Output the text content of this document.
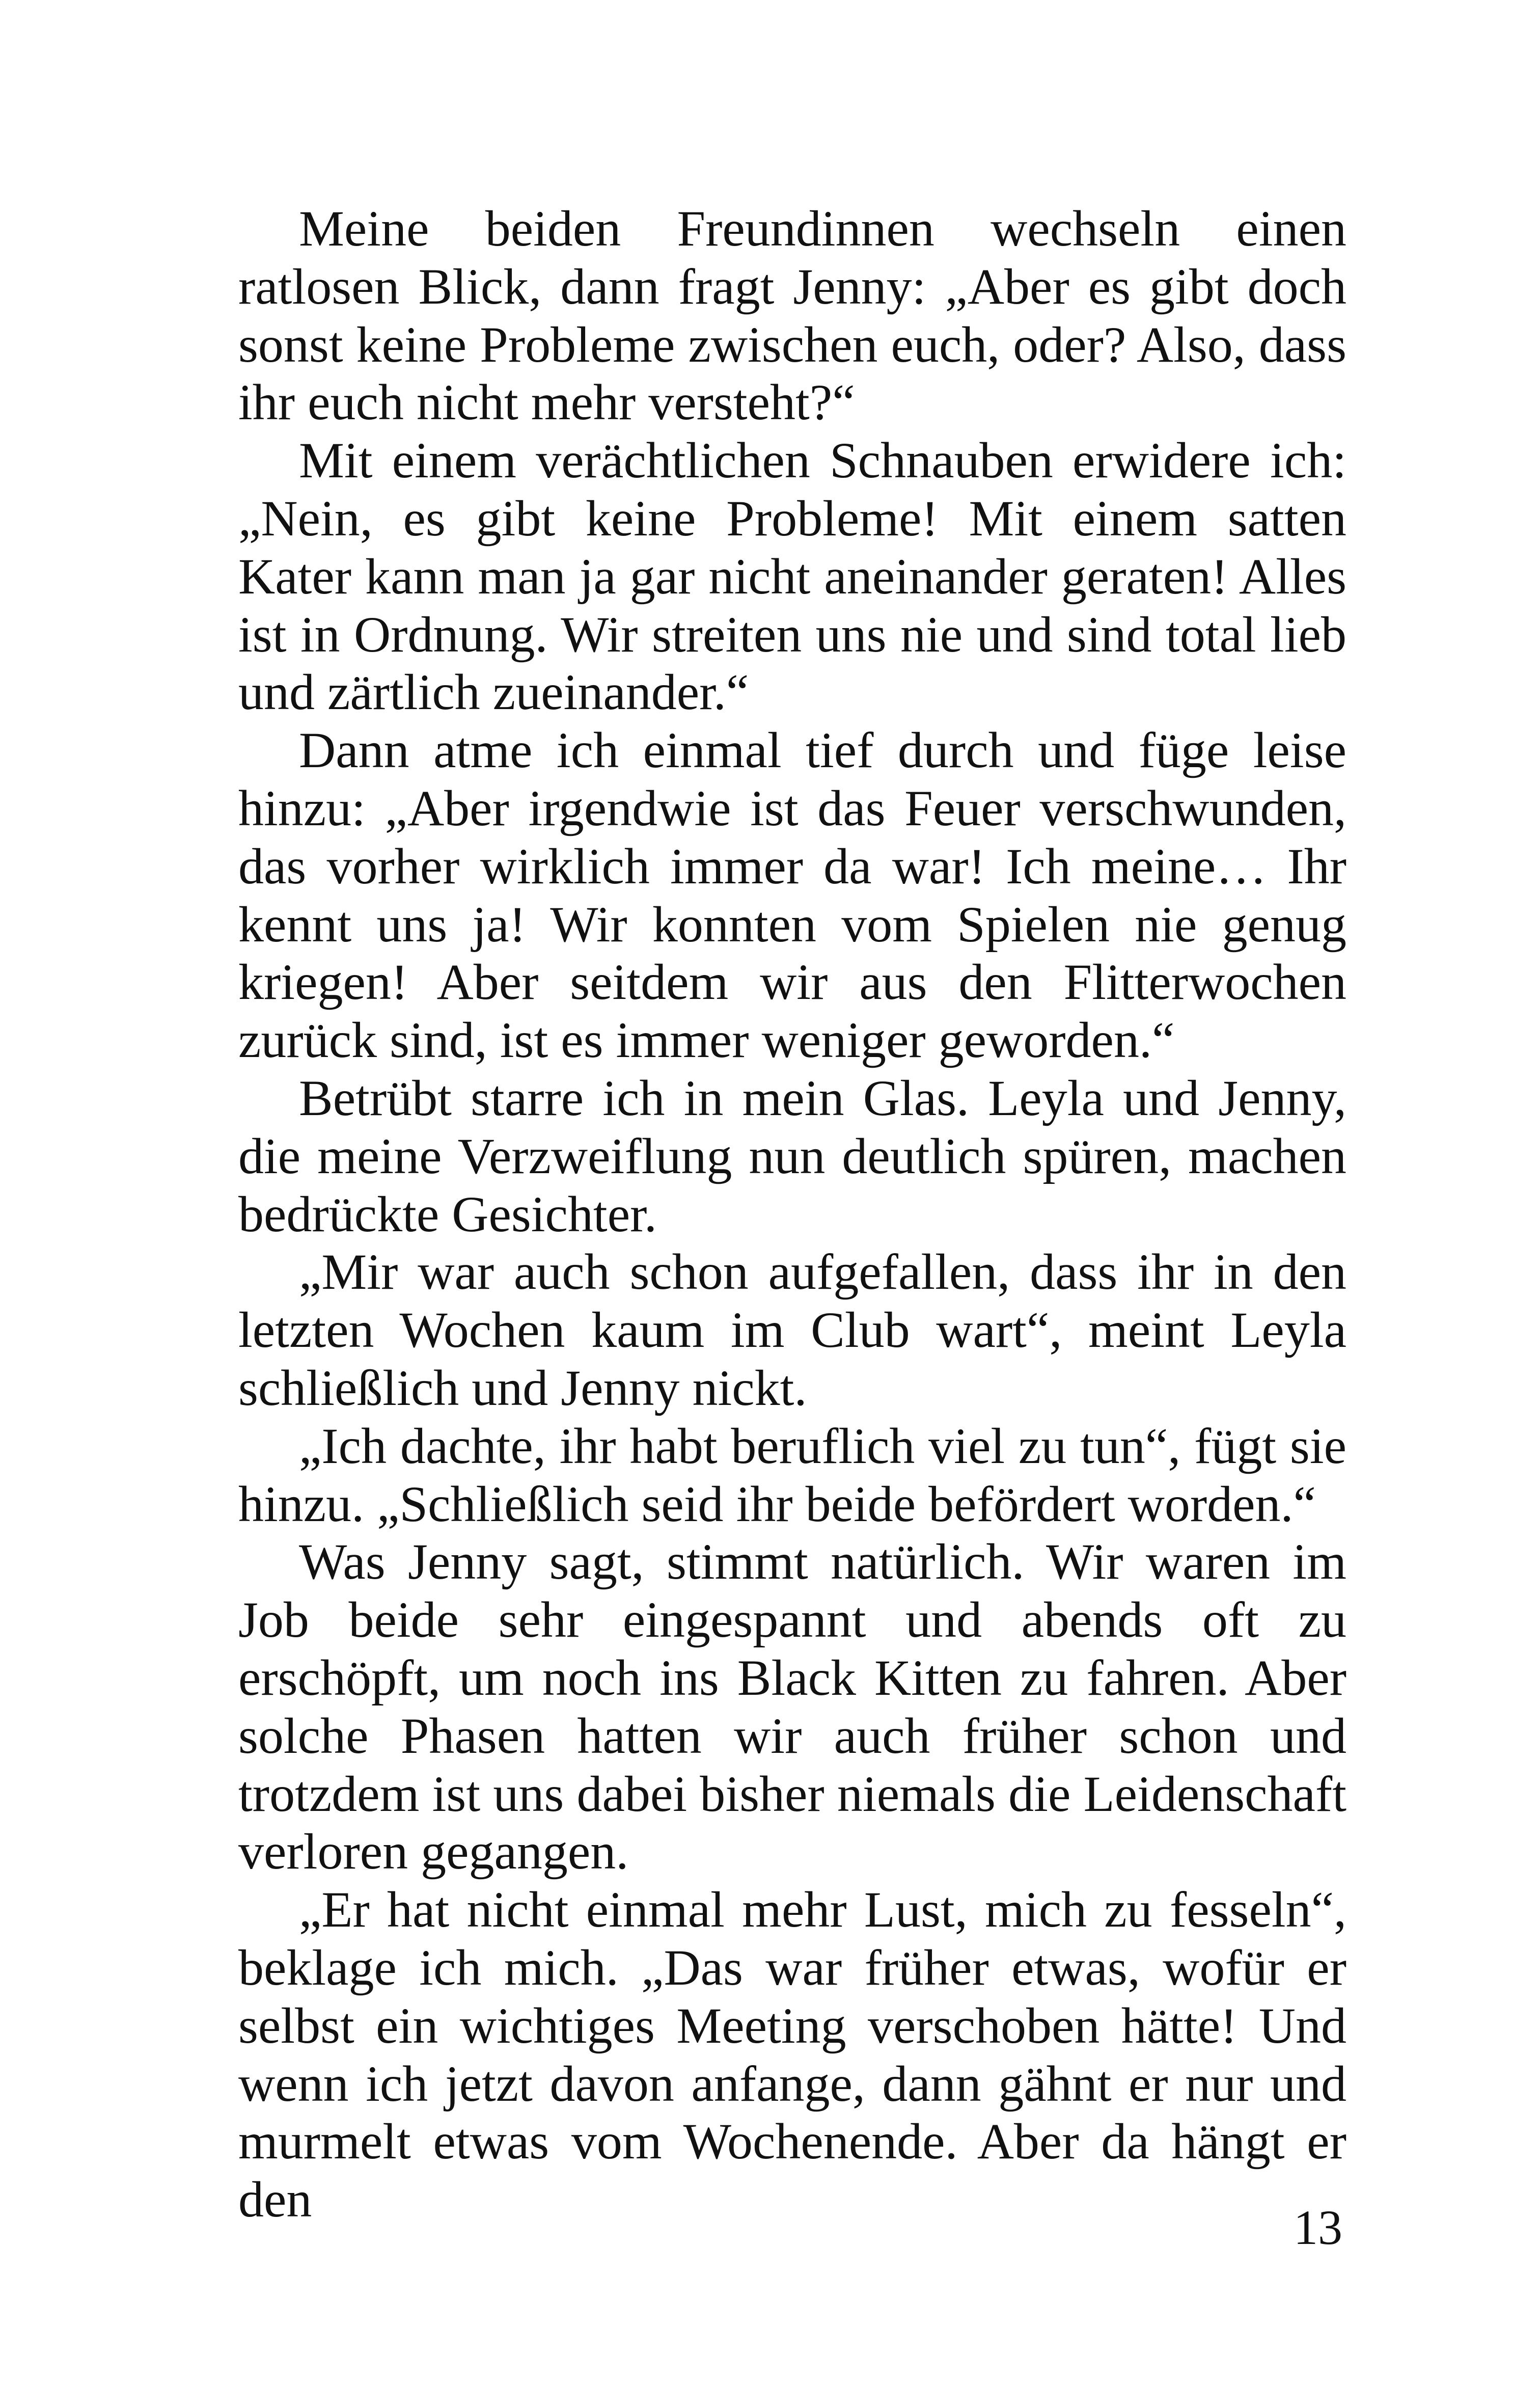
Meine beiden Freundinnen wechseln einen ratlosen Blick, dann fragt Jenny: „Aber es gibt doch sonst keine Probleme zwischen euch, oder? Also, dass ihr euch nicht mehr versteht?“

Mit einem verächtlichen Schnauben erwidere ich: „Nein, es gibt keine Probleme! Mit einem satten Kater kann man ja gar nicht aneinander geraten! Alles ist in Ordnung. Wir streiten uns nie und sind total lieb und zärtlich zueinander.“

Dann atme ich einmal tief durch und füge leise hinzu: „Aber irgendwie ist das Feuer verschwunden, das vorher wirklich immer da war! Ich meine… Ihr kennt uns ja! Wir konnten vom Spielen nie genug kriegen! Aber seitdem wir aus den Flitterwochen zurück sind, ist es immer weniger geworden.“

Betrübt starre ich in mein Glas. Leyla und Jenny, die meine Verzweiflung nun deutlich spüren, machen bedrückte Gesichter.

„Mir war auch schon aufgefallen, dass ihr in den letzten Wochen kaum im Club wart“, meint Leyla schließlich und Jenny nickt.

„Ich dachte, ihr habt beruflich viel zu tun“, fügt sie hinzu. „Schließlich seid ihr beide befördert worden.“

Was Jenny sagt, stimmt natürlich. Wir waren im Job beide sehr eingespannt und abends oft zu erschöpft, um noch ins Black Kitten zu fahren. Aber solche Phasen hatten wir auch früher schon und trotzdem ist uns dabei bisher niemals die Leidenschaft verloren gegangen.

„Er hat nicht einmal mehr Lust, mich zu fesseln“, beklage ich mich. „Das war früher etwas, wofür er selbst ein wichtiges Meeting verschoben hätte! Und wenn ich jetzt davon anfange, dann gähnt er nur und murmelt etwas vom Wochenende. Aber da hängt er den	13
